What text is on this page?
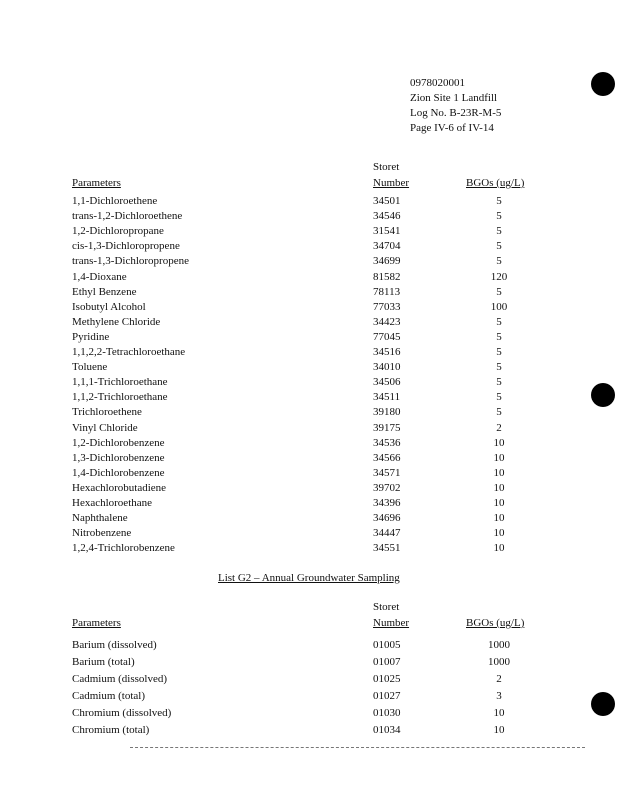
0978020001
Zion Site 1 Landfill
Log No. B-23R-M-5
Page IV-6 of IV-14
Storet
Parameters	Number	BGOs (ug/L)
1,1-Dichloroethene	34501	5
trans-1,2-Dichloroethene	34546	5
1,2-Dichloropropane	31541	5
cis-1,3-Dichloropropene	34704	5
trans-1,3-Dichloropropene	34699	5
1,4-Dioxane	81582	120
Ethyl Benzene	78113	5
Isobutyl Alcohol	77033	100
Methylene Chloride	34423	5
Pyridine	77045	5
1,1,2,2-Tetrachloroethane	34516	5
Toluene	34010	5
1,1,1-Trichloroethane	34506	5
1,1,2-Trichloroethane	34511	5
Trichloroethene	39180	5
Vinyl Chloride	39175	2
1,2-Dichlorobenzene	34536	10
1,3-Dichlorobenzene	34566	10
1,4-Dichlorobenzene	34571	10
Hexachlorobutadiene	39702	10
Hexachloroethane	34396	10
Naphthalene	34696	10
Nitrobenzene	34447	10
1,2,4-Trichlorobenzene	34551	10
List G2 – Annual Groundwater Sampling
Storet
Parameters	Number	BGOs (ug/L)
Barium (dissolved)	01005	1000
Barium (total)	01007	1000
Cadmium (dissolved)	01025	2
Cadmium (total)	01027	3
Chromium (dissolved)	01030	10
Chromium (total)	01034	10
